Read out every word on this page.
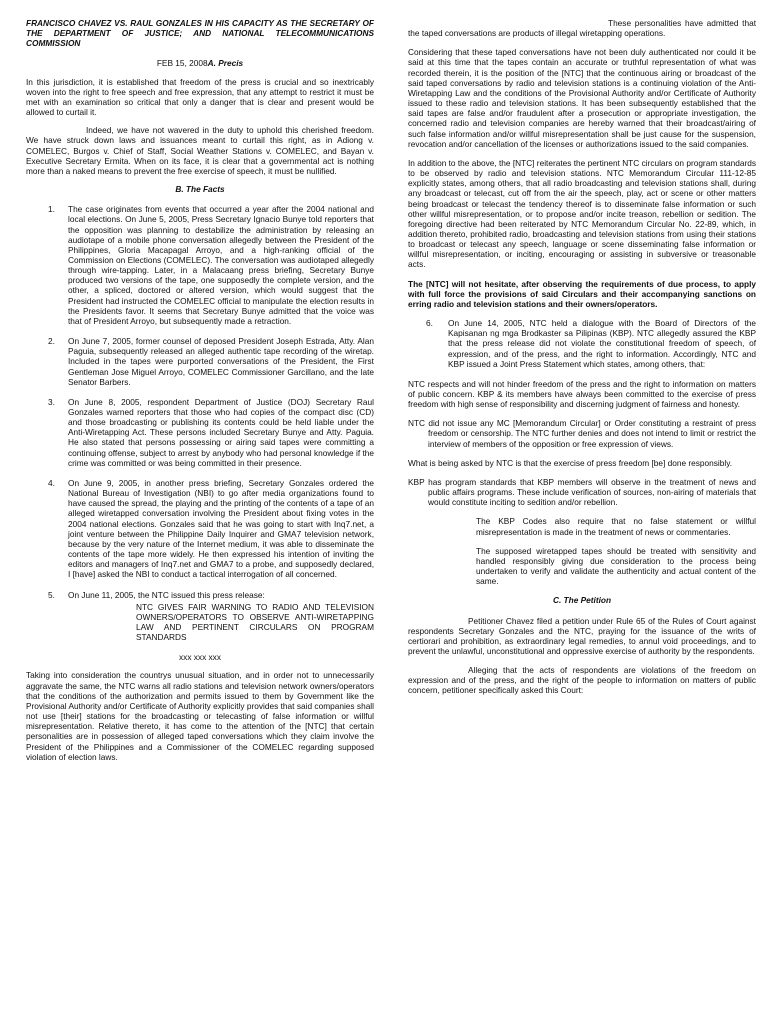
FRANCISCO CHAVEZ VS. RAUL GONZALES IN HIS CAPACITY AS THE SECRETARY OF THE DEPARTMENT OF JUSTICE; AND NATIONAL TELECOMMUNICATIONS COMMISSION

FEB 15, 2008A. Precis

In this jurisdiction, it is established that freedom of the press is crucial and so inextricably woven into the right to free speech and free expression, that any attempt to restrict it must be met with an examination so critical that only a danger that is clear and present would be allowed to curtail it.

Indeed, we have not wavered in the duty to uphold this cherished freedom. We have struck down laws and issuances meant to curtail this right, as in Adiong v. COMELEC, Burgos v. Chief of Staff, Social Weather Stations v. COMELEC, and Bayan v. Executive Secretary Ermita. When on its face, it is clear that a governmental act is nothing more than a naked means to prevent the free exercise of speech, it must be nullified.

B. The Facts
1.	The case originates from events that occurred a year after the 2004 national and local elections. On June 5, 2005, Press Secretary Ignacio Bunye told reporters that the opposition was planning to destabilize the administration by releasing an audiotape of a mobile phone conversation allegedly between the President of the Philippines, Gloria Macapagal Arroyo, and a high-ranking official of the Commission on Elections (COMELEC). The conversation was audiotaped allegedly through wire-tapping. Later, in a Malacaang press briefing, Secretary Bunye produced two versions of the tape, one supposedly the complete version, and the other, a spliced, doctored or altered version, which would suggest that the President had instructed the COMELEC official to manipulate the election results in the Presidents favor. It seems that Secretary Bunye admitted that the voice was that of President Arroyo, but subsequently made a retraction.
2.	On June 7, 2005, former counsel of deposed President Joseph Estrada, Atty. Alan Paguia, subsequently released an alleged authentic tape recording of the wiretap. Included in the tapes were purported conversations of the President, the First Gentleman Jose Miguel Arroyo, COMELEC Commissioner Garcillano, and the late Senator Barbers.
3.	On June 8, 2005, respondent Department of Justice (DOJ) Secretary Raul Gonzales warned reporters that those who had copies of the compact disc (CD) and those broadcasting or publishing its contents could be held liable under the Anti-Wiretapping Act. These persons included Secretary Bunye and Atty. Paguia. He also stated that persons possessing or airing said tapes were committing a continuing offense, subject to arrest by anybody who had personal knowledge if the crime was committed or was being committed in their presence.
4.	On June 9, 2005, in another press briefing, Secretary Gonzales ordered the National Bureau of Investigation (NBI) to go after media organizations found to have caused the spread, the playing and the printing of the contents of a tape of an alleged wiretapped conversation involving the President about fixing votes in the 2004 national elections. Gonzales said that he was going to start with Inq7.net, a joint venture between the Philippine Daily Inquirer and GMA7 television network, because by the very nature of the Internet medium, it was able to disseminate the contents of the tape more widely. He then expressed his intention of inviting the editors and managers of Inq7.net and GMA7 to a probe, and supposedly declared, I [have] asked the NBI to conduct a tactical interrogation of all concerned.
5.	On June 11, 2005, the NTC issued this press release:

NTC GIVES FAIR WARNING TO RADIO AND TELEVISION OWNERS/OPERATORS TO OBSERVE ANTI-WIRETAPPING LAW AND PERTINENT CIRCULARS ON PROGRAM STANDARDS

xxx xxx xxx

Taking into consideration the countrys unusual situation, and in order not to unnecessarily aggravate the same, the NTC warns all radio stations and television network owners/operators that the conditions of the authorization and permits issued to them by Government like the Provisional Authority and/or Certificate of Authority explicitly provides that said companies shall not use [their] stations for the broadcasting or telecasting of false information or willful misrepresentation. Relative thereto, it has come to the attention of the [NTC] that certain personalities are in possession of alleged taped conversations which they claim involve the President of the Philippines and a Commissioner of the COMELEC regarding supposed violation of election laws.

These personalities have admitted that the taped conversations are products of illegal wiretapping operations.

Considering that these taped conversations have not been duly authenticated nor could it be said at this time that the tapes contain an accurate or truthful representation of what was recorded therein, it is the position of the [NTC] that the continuous airing or broadcast of the said taped conversations by radio and television stations is a continuing violation of the Anti-Wiretapping Law and the conditions of the Provisional Authority and/or Certificate of Authority issued to these radio and television stations. It has been subsequently established that the said tapes are false and/or fraudulent after a prosecution or appropriate investigation, the concerned radio and television companies are hereby warned that their broadcast/airing of such false information and/or willful misrepresentation shall be just cause for the suspension, revocation and/or cancellation of the licenses or authorizations issued to the said companies.

In addition to the above, the [NTC] reiterates the pertinent NTC circulars on program standards to be observed by radio and television stations. NTC Memorandum Circular 111-12-85 explicitly states, among others, that all radio broadcasting and television stations shall, during any broadcast or telecast, cut off from the air the speech, play, act or scene or other matters being broadcast or telecast the tendency thereof is to disseminate false information or such other willful misrepresentation, or to propose and/or incite treason, rebellion or sedition. The foregoing directive had been reiterated by NTC Memorandum Circular No. 22-89, which, in addition thereto, prohibited radio, broadcasting and television stations from using their stations to broadcast or telecast any speech, language or scene disseminating false information or willful misrepresentation, or inciting, encouraging or assisting in subversive or treasonable acts.

The [NTC] will not hesitate, after observing the requirements of due process, to apply with full force the provisions of said Circulars and their accompanying sanctions on erring radio and television stations and their owners/operators.

6.	On June 14, 2005, NTC held a dialogue with the Board of Directors of the Kapisanan ng mga Brodkaster sa Pilipinas (KBP). NTC allegedly assured the KBP that the press release did not violate the constitutional freedom of speech, of expression, and of the press, and the right to information. Accordingly, NTC and KBP issued a Joint Press Statement which states, among others, that:

NTC respects and will not hinder freedom of the press and the right to information on matters of public concern. KBP & its members have always been committed to the exercise of press freedom with high sense of responsibility and discerning judgment of fairness and honesty.

NTC did not issue any MC [Memorandum Circular] or Order constituting a restraint of press freedom or censorship. The NTC further denies and does not intend to limit or restrict the interview of members of the opposition or free expression of views.

What is being asked by NTC is that the exercise of press freedom [be] done responsibly.

KBP has program standards that KBP members will observe in the treatment of news and public affairs programs. These include verification of sources, non-airing of materials that would constitute inciting to sedition and/or rebellion.

The KBP Codes also require that no false statement or willful misrepresentation is made in the treatment of news or commentaries.

The supposed wiretapped tapes should be treated with sensitivity and handled responsibly giving due consideration to the process being undertaken to verify and validate the authenticity and actual content of the same.

C. The Petition

Petitioner Chavez filed a petition under Rule 65 of the Rules of Court against respondents Secretary Gonzales and the NTC, praying for the issuance of the writs of certiorari and prohibition, as extraordinary legal remedies, to annul void proceedings, and to prevent the unlawful, unconstitutional and oppressive exercise of authority by the respondents.

Alleging that the acts of respondents are violations of the freedom on expression and of the press, and the right of the people to information on matters of public concern, petitioner specifically asked this Court:
